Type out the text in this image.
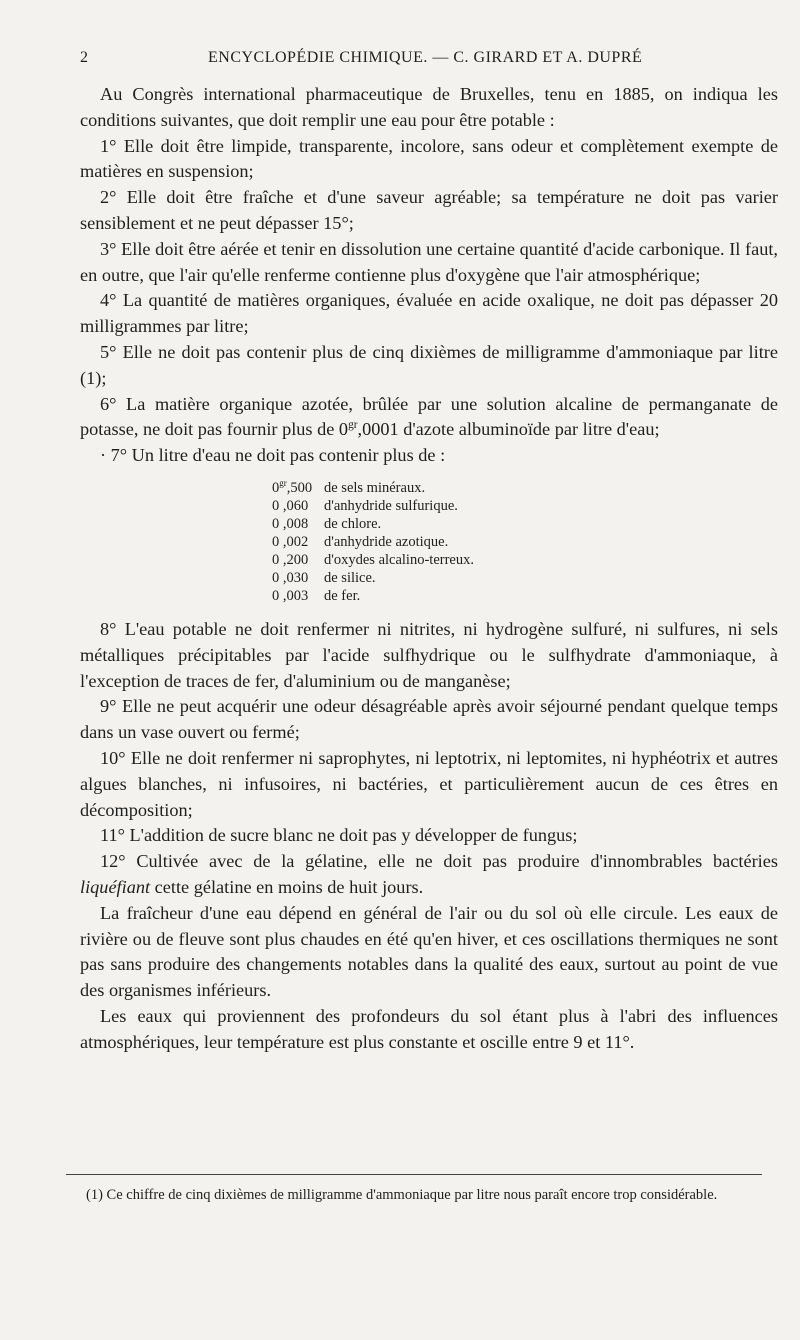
2	ENCYCLOPÉDIE CHIMIQUE. — C. GIRARD ET A. DUPRÉ

Au Congrès international pharmaceutique de Bruxelles, tenu en 1885, on indiqua les conditions suivantes, que doit remplir une eau pour être potable :

1° Elle doit être limpide, transparente, incolore, sans odeur et complètement exempte de matières en suspension;

2° Elle doit être fraîche et d'une saveur agréable; sa température ne doit pas varier sensiblement et ne peut dépasser 15°;

3° Elle doit être aérée et tenir en dissolution une certaine quantité d'acide carbonique. Il faut, en outre, que l'air qu'elle renferme contienne plus d'oxygène que l'air atmosphérique;

4° La quantité de matières organiques, évaluée en acide oxalique, ne doit pas dépasser 20 milligrammes par litre;

5° Elle ne doit pas contenir plus de cinq dixièmes de milligramme d'ammoniaque par litre (1);

6° La matière organique azotée, brûlée par une solution alcaline de permanganate de potasse, ne doit pas fournir plus de $0^{gr},0001$ d'azote albuminoïde par litre d'eau;

· 7° Un litre d'eau ne doit pas contenir plus de :

$0^{gr},500$ de sels minéraux.
0 ,060 d'anhydride sulfurique.
0 ,008 de chlore.
0 ,002 d'anhydride azotique.
0 ,200 d'oxydes alcalino-terreux.
0 ,030 de silice.
0 ,003 de fer.

8° L'eau potable ne doit renfermer ni nitrites, ni hydrogène sulfuré, ni sulfures, ni sels métalliques précipitables par l'acide sulfhydrique ou le sulfhydrate d'ammoniaque, à l'exception de traces de fer, d'aluminium ou de manganèse;

9° Elle ne peut acquérir une odeur désagréable après avoir séjourné pendant quelque temps dans un vase ouvert ou fermé;

10° Elle ne doit renfermer ni saprophytes, ni leptotrix, ni leptomites, ni hyphéotrix et autres algues blanches, ni infusoires, ni bactéries, et particulièrement aucun de ces êtres en décomposition;

11° L'addition de sucre blanc ne doit pas y développer de fungus;

12° Cultivée avec de la gélatine, elle ne doit pas produire d'innombrables bactéries liquéfiant cette gélatine en moins de huit jours.

La fraîcheur d'une eau dépend en général de l'air ou du sol où elle circule. Les eaux de rivière ou de fleuve sont plus chaudes en été qu'en hiver, et ces oscillations thermiques ne sont pas sans produire des changements notables dans la qualité des eaux, surtout au point de vue des organismes inférieurs.

Les eaux qui proviennent des profondeurs du sol étant plus à l'abri des influences atmosphériques, leur température est plus constante et oscille entre 9 et 11°.

(1) Ce chiffre de cinq dixièmes de milligramme d'ammoniaque par litre nous paraît encore trop considérable.
